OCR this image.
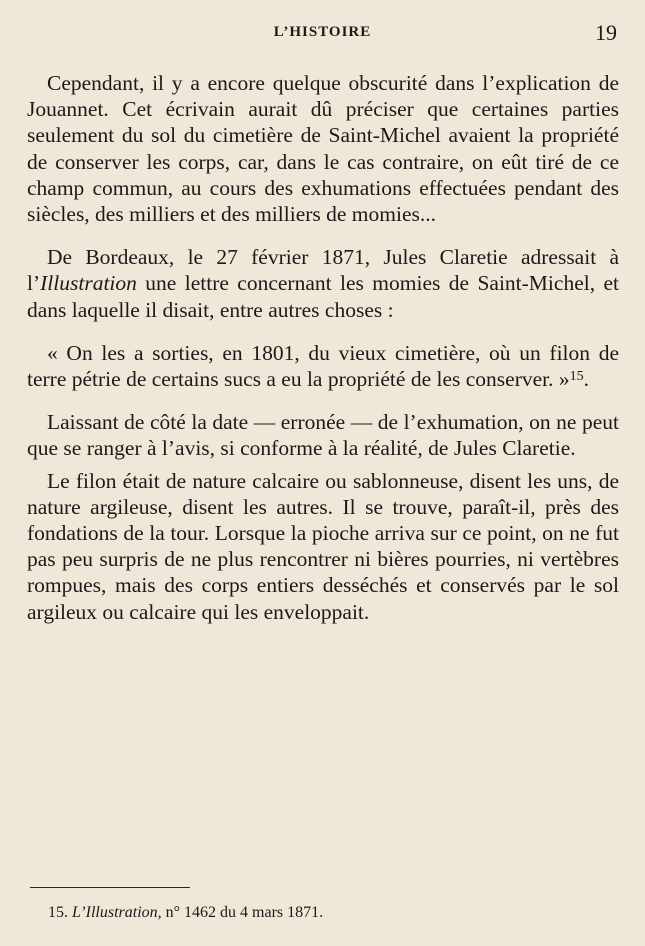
L’HISTOIRE	19

Cependant, il y a encore quelque obscurité dans l’explication de Jouannet. Cet écrivain aurait dû préciser que certaines parties seulement du sol du cimetière de Saint-Michel avaient la propriété de conserver les corps, car, dans le cas contraire, on eût tiré de ce champ commun, au cours des exhumations effectuées pendant des siècles, des milliers et des milliers de momies...

De Bordeaux, le 27 février 1871, Jules Claretie adressait à l’Illustration une lettre concernant les momies de Saint-Michel, et dans laquelle il disait, entre autres choses :

« On les a sorties, en 1801, du vieux cimetière, où un filon de terre pétrie de certains sucs a eu la propriété de les conserver. »$^{15}$.

Laissant de côté la date — erronée — de l’exhumation, on ne peut que se ranger à l’avis, si conforme à la réalité, de Jules Claretie.

Le filon était de nature calcaire ou sablonneuse, disent les uns, de nature argileuse, disent les autres. Il se trouve, paraît-il, près des fondations de la tour. Lorsque la pioche arriva sur ce point, on ne fut pas peu surpris de ne plus rencontrer ni bières pourries, ni vertèbres rompues, mais des corps entiers desséchés et conservés par le sol argileux ou calcaire qui les enveloppait.

15. L’Illustration, n° 1462 du 4 mars 1871.
